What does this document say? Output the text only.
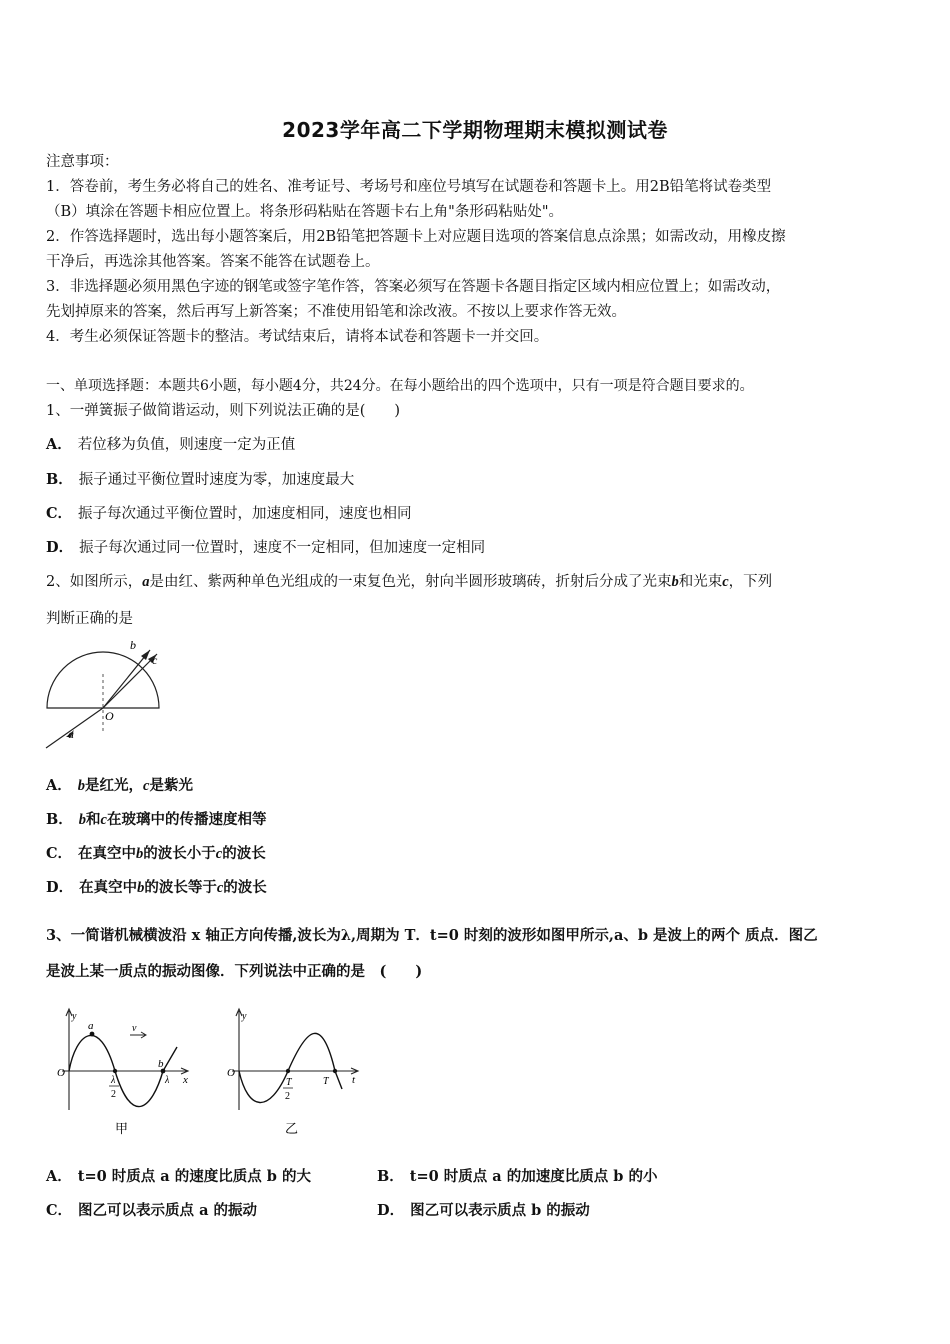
2023学年高二下学期物理期末模拟测试卷
注意事项：
1．答卷前，考生务必将自己的姓名、准考证号、考场号和座位号填写在试题卷和答题卡上。用2B铅笔将试卷类型
（B）填涂在答题卡相应位置上。将条形码粘贴在答题卡右上角"条形码粘贴处"。
2．作答选择题时，选出每小题答案后，用2B铅笔把答题卡上对应题目选项的答案信息点涂黑；如需改动，用橡皮擦
干净后，再选涂其他答案。答案不能答在试题卷上。
3．非选择题必须用黑色字迹的钢笔或签字笔作答，答案必须写在答题卡各题目指定区域内相应位置上；如需改动，
先划掉原来的答案，然后再写上新答案；不准使用铅笔和涂改液。不按以上要求作答无效。
4．考生必须保证答题卡的整洁。考试结束后，请将本试卷和答题卡一并交回。
一、单项选择题：本题共6小题，每小题4分，共24分。在每小题给出的四个选项中，只有一项是符合题目要求的。
1、一弹簧振子做简谐运动，则下列说法正确的是(　　)
A． 若位移为负值，则速度一定为正值
B． 振子通过平衡位置时速度为零，加速度最大
C． 振子每次通过平衡位置时，加速度相同，速度也相同
D． 振子每次通过同一位置时，速度不一定相同，但加速度一定相同
2、如图所示，a是由红、紫两种单色光组成的一束复色光，射向半圆形玻璃砖，折射后分成了光束b和光束c，下列
判断正确的是
b
c
O
a
A． b是红光，c是紫光
B． b和c在玻璃中的传播速度相等
C． 在真空中b的波长小于c的波长
D． 在真空中b的波长等于c的波长
3、一简谐机械横波沿 x 轴正方向传播,波长为λ,周期为 T．t=0 时刻的波形如图甲所示,a、b 是波上的两个 质点．图乙
是波上某一质点的振动图像．下列说法中正确的是　(　　)
y
O
x
a
b
v
λ
2
λ
甲
y
O
t
T
2
T
乙
A． t=0 时质点 a 的速度比质点 b 的大	B． t=0 时质点 a 的加速度比质点 b 的小
C． 图乙可以表示质点 a 的振动	D． 图乙可以表示质点 b 的振动
